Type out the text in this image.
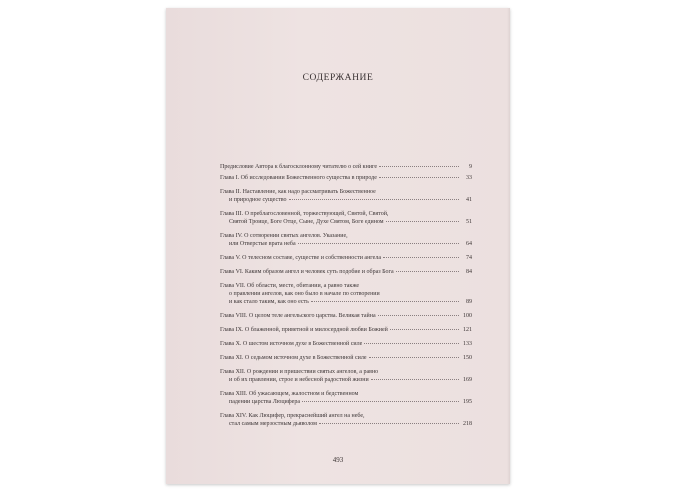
СОДЕРЖАНИЕ
Предисловие Автора к благосклонному читателю о сей книге	9
Глава I. Об исследовании Божественного существа в природе	33
Глава II. Наставление, как надо рассматривать Божественное
и природное существо	41
Глава III. О преблагословенной, торжествующей, Святой, Святой,
Святой Троице, Боге Отце, Сыне, Духе Святом, Боге едином	51
Глава IV. О сотворении святых ангелов. Указание,
или Отверстые врата неба	64
Глава V. О телесном составе, существе и собственности ангела	74
Глава VI. Каким образом ангел и человек суть подобие и образ Бога	84
Глава VII. Об области, месте, обитании, а равно также
о правлении ангелов, как оно было в начале по сотворении
и как стало таким, как оно есть	89
Глава VIII. О целом теле ангельского царства. Великая тайна	100
Глава IX. О блаженной, приветной и милосердной любви Божией	121
Глава X. О шестом источном духе в Божественной силе	133
Глава XI. О седьмом источном духе в Божественной силе	150
Глава XII. О рождении и пришествии святых ангелов, а равно
и об их правлении, строе и небесной радостной жизни	169
Глава XIII. Об ужасающем, жалостном и бедственном
падении царства Люцифера	195
Глава XIV. Как Люцифер, прекраснейший ангел на небе,
стал самым мерзостным дьяволом	218
493
